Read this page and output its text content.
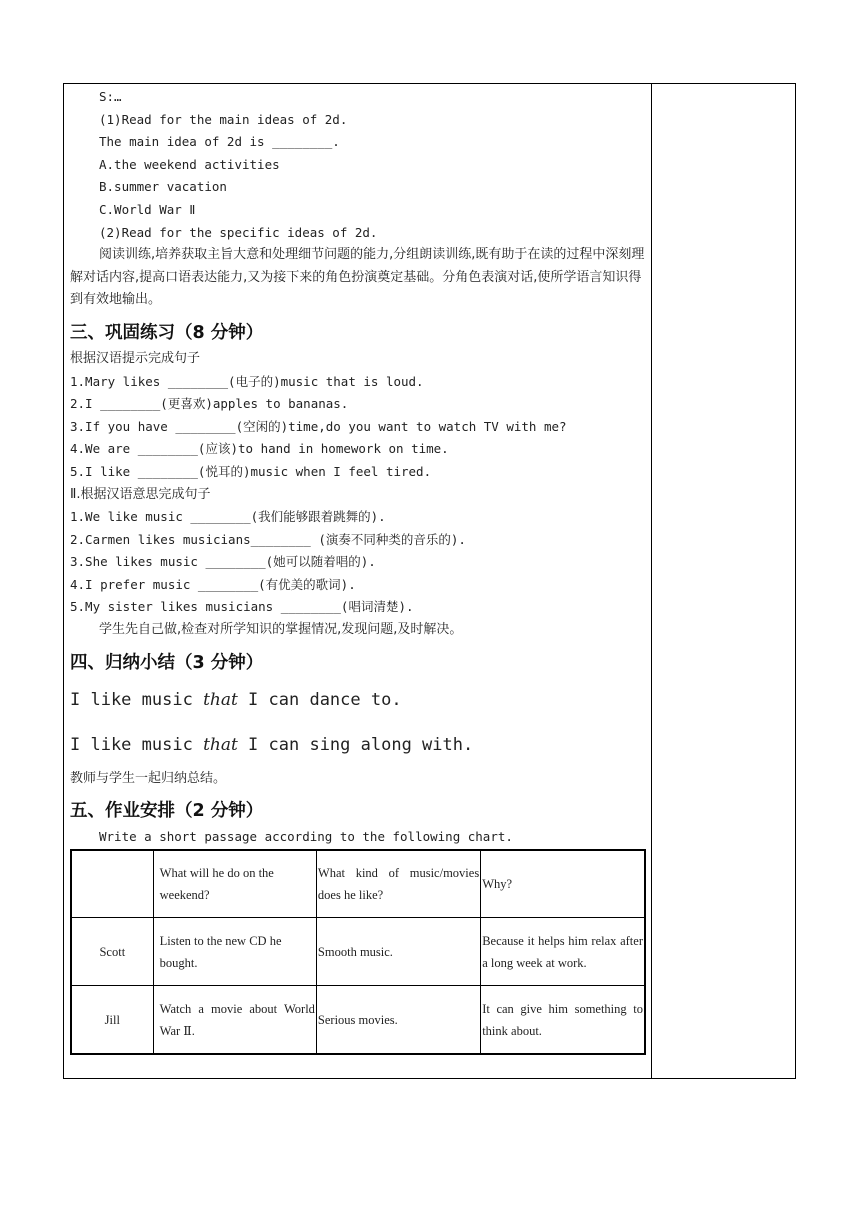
S:…
(1)Read for the main ideas of 2d.
The main idea of 2d is ________.
A.the weekend activities
B.summer vacation
C.World War Ⅱ
(2)Read for the specific ideas of 2d.
阅读训练,培养获取主旨大意和处理细节问题的能力,分组朗读训练,既有助于在读的过程中深刻理解对话内容,提高口语表达能力,又为接下来的角色扮演奠定基础。分角色表演对话,使所学语言知识得到有效地输出。
三、巩固练习（8 分钟）
根据汉语提示完成句子
1.Mary likes ________(电子的)music that is loud.
2.I ________(更喜欢)apples to bananas.
3.If you have ________(空闲的)time,do you want to watch TV with me?
4.We are ________(应该)to hand in homework on time.
5.I like ________(悦耳的)music when I feel tired.
Ⅱ.根据汉语意思完成句子
1.We like music ________(我们能够跟着跳舞的).
2.Carmen likes musicians________ (演奏不同种类的音乐的).
3.She likes music ________(她可以随着唱的).
4.I prefer music ________(有优美的歌词).
5.My sister likes musicians ________(唱词清楚).
学生先自己做,检查对所学知识的掌握情况,发现问题,及时解决。
四、归纳小结（3 分钟）
I like music that I can dance to.
I like music that I can sing along with.
教师与学生一起归纳总结。
五、作业安排（2 分钟）
Write a short passage according to the following chart.
	What will he do on the weekend?	What kind of music/movies does he like?	Why?
Scott	Listen to the new CD he bought.	Smooth music.	Because it helps him relax after a long week at work.
Jill	Watch a movie about World War Ⅱ.	Serious movies.	It can give him something to think about.
